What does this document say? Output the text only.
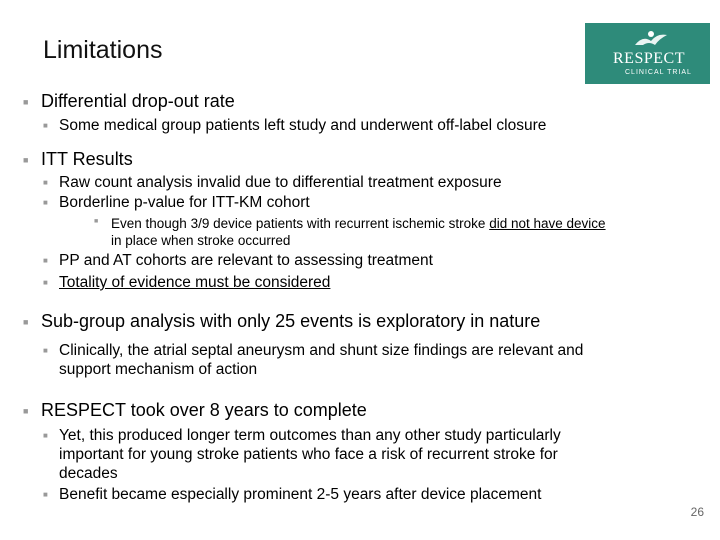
Limitations	RESPECT
CLINICAL TRIAL
■ Differential drop-out rate
■ Some medical group patients left study and underwent off-label closure
■ ITT Results
■ Raw count analysis invalid due to differential treatment exposure
■ Borderline p-value for ITT-KM cohort
■ Even though 3/9 device patients with recurrent ischemic stroke did not have device
in place when stroke occurred
■ PP and AT cohorts are relevant to assessing treatment
■ Totality of evidence must be considered
■ Sub-group analysis with only 25 events is exploratory in nature
■ Clinically, the atrial septal aneurysm and shunt size findings are relevant and
support mechanism of action
■ RESPECT took over 8 years to complete
■ Yet, this produced longer term outcomes than any other study particularly
important for young stroke patients who face a risk of recurrent stroke for
decades
■ Benefit became especially prominent 2-5 years after device placement
26
